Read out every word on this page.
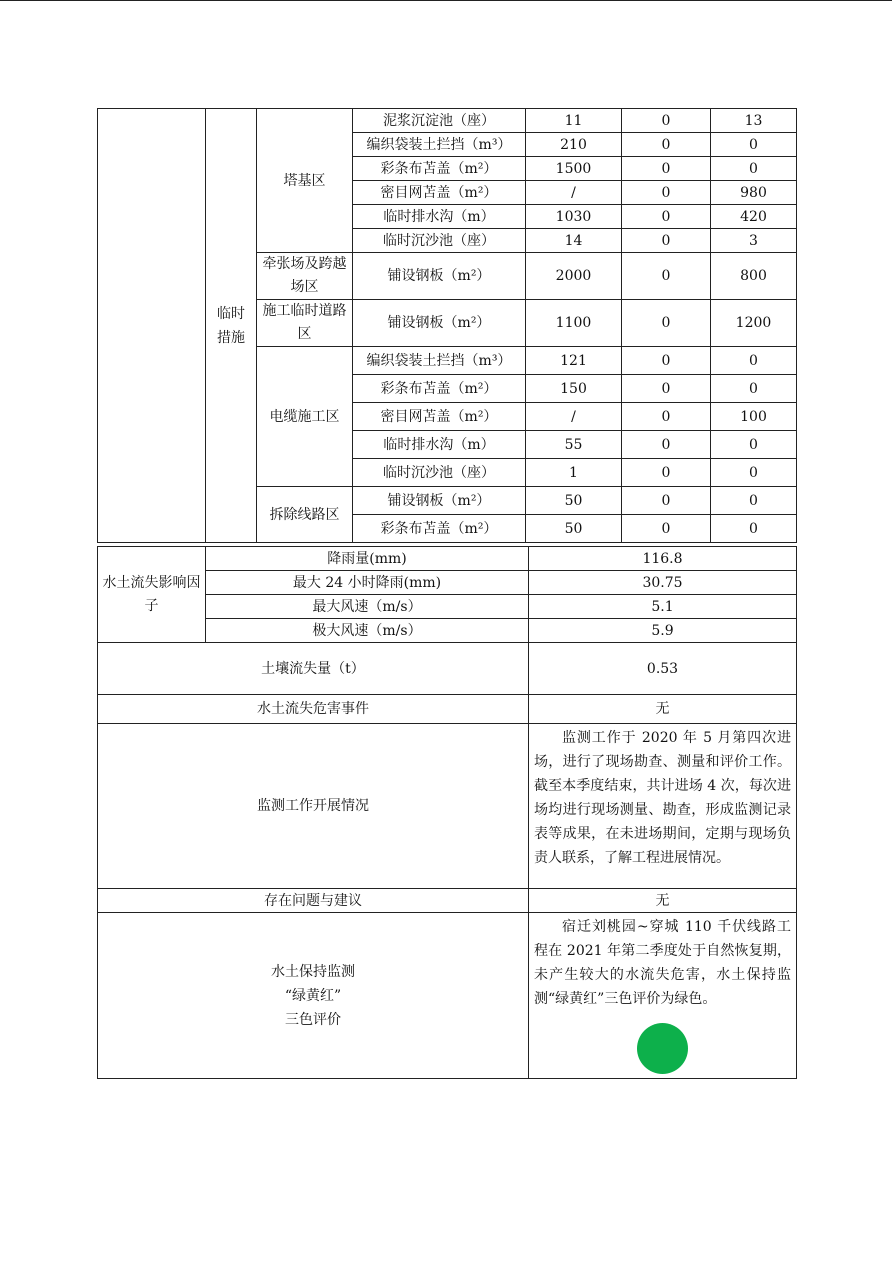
	临时措施	塔基区	泥浆沉淀池（座）	11	0	13
			编织袋装土拦挡（m³）	210	0	0
			彩条布苫盖（m²）	1500	0	0
			密目网苫盖（m²）	/	0	980
			临时排水沟（m）	1030	0	420
			临时沉沙池（座）	14	0	3
		牵张场及跨越场区	铺设钢板（m²）	2000	0	800
		施工临时道路区	铺设钢板（m²）	1100	0	1200
		电缆施工区	编织袋装土拦挡（m³）	121	0	0
			彩条布苫盖（m²）	150	0	0
			密目网苫盖（m²）	/	0	100
			临时排水沟（m）	55	0	0
			临时沉沙池（座）	1	0	0
		拆除线路区	铺设钢板（m²）	50	0	0
			彩条布苫盖（m²）	50	0	0
水土流失影响因子	降雨量(mm)	116.8
	最大 24 小时降雨(mm)	30.75
	最大风速（m/s）	5.1
	极大风速（m/s）	5.9
土壤流失量（t）		0.53
水土流失危害事件		无
监测工作开展情况		监测工作于 2020 年 5 月第四次进场，进行了现场勘查、测量和评价工作。截至本季度结束，共计进场 4 次，每次进场均进行现场测量、勘查，形成监测记录表等成果，在未进场期间，定期与现场负责人联系，了解工程进展情况。
存在问题与建议		无

水土保持监测
“绿黄红”
三色评价		宿迁刘桃园~穿城 110 千伏线路工程在 2021 年第二季度处于自然恢复期，未产生较大的水流失危害，水土保持监测“绿黄红”三色评价为绿色。
